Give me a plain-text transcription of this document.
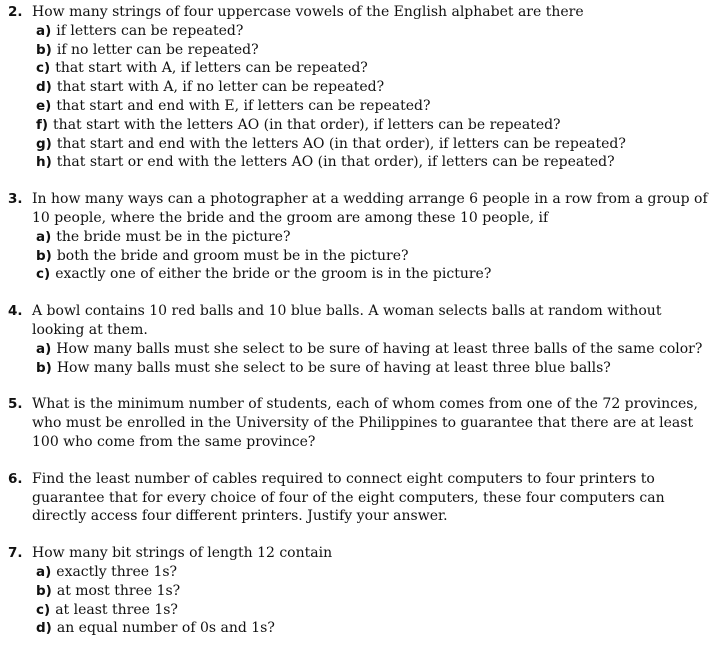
2. How many strings of four uppercase vowels of the English alphabet are there
a) if letters can be repeated?
b) if no letter can be repeated?
c) that start with A, if letters can be repeated?
d) that start with A, if no letter can be repeated?
e) that start and end with E, if letters can be repeated?
f) that start with the letters AO (in that order), if letters can be repeated?
g) that start and end with the letters AO (in that order), if letters can be repeated?
h) that start or end with the letters AO (in that order), if letters can be repeated?
3. In how many ways can a photographer at a wedding arrange 6 people in a row from a group of 10 people, where the bride and the groom are among these 10 people, if
a) the bride must be in the picture?
b) both the bride and groom must be in the picture?
c) exactly one of either the bride or the groom is in the picture?
4. A bowl contains 10 red balls and 10 blue balls. A woman selects balls at random without looking at them.
a) How many balls must she select to be sure of having at least three balls of the same color?
b) How many balls must she select to be sure of having at least three blue balls?
5. What is the minimum number of students, each of whom comes from one of the 72 provinces, who must be enrolled in the University of the Philippines to guarantee that there are at least 100 who come from the same province?
6. Find the least number of cables required to connect eight computers to four printers to guarantee that for every choice of four of the eight computers, these four computers can directly access four different printers. Justify your answer.
7. How many bit strings of length 12 contain
a) exactly three 1s?
b) at most three 1s?
c) at least three 1s?
d) an equal number of 0s and 1s?
